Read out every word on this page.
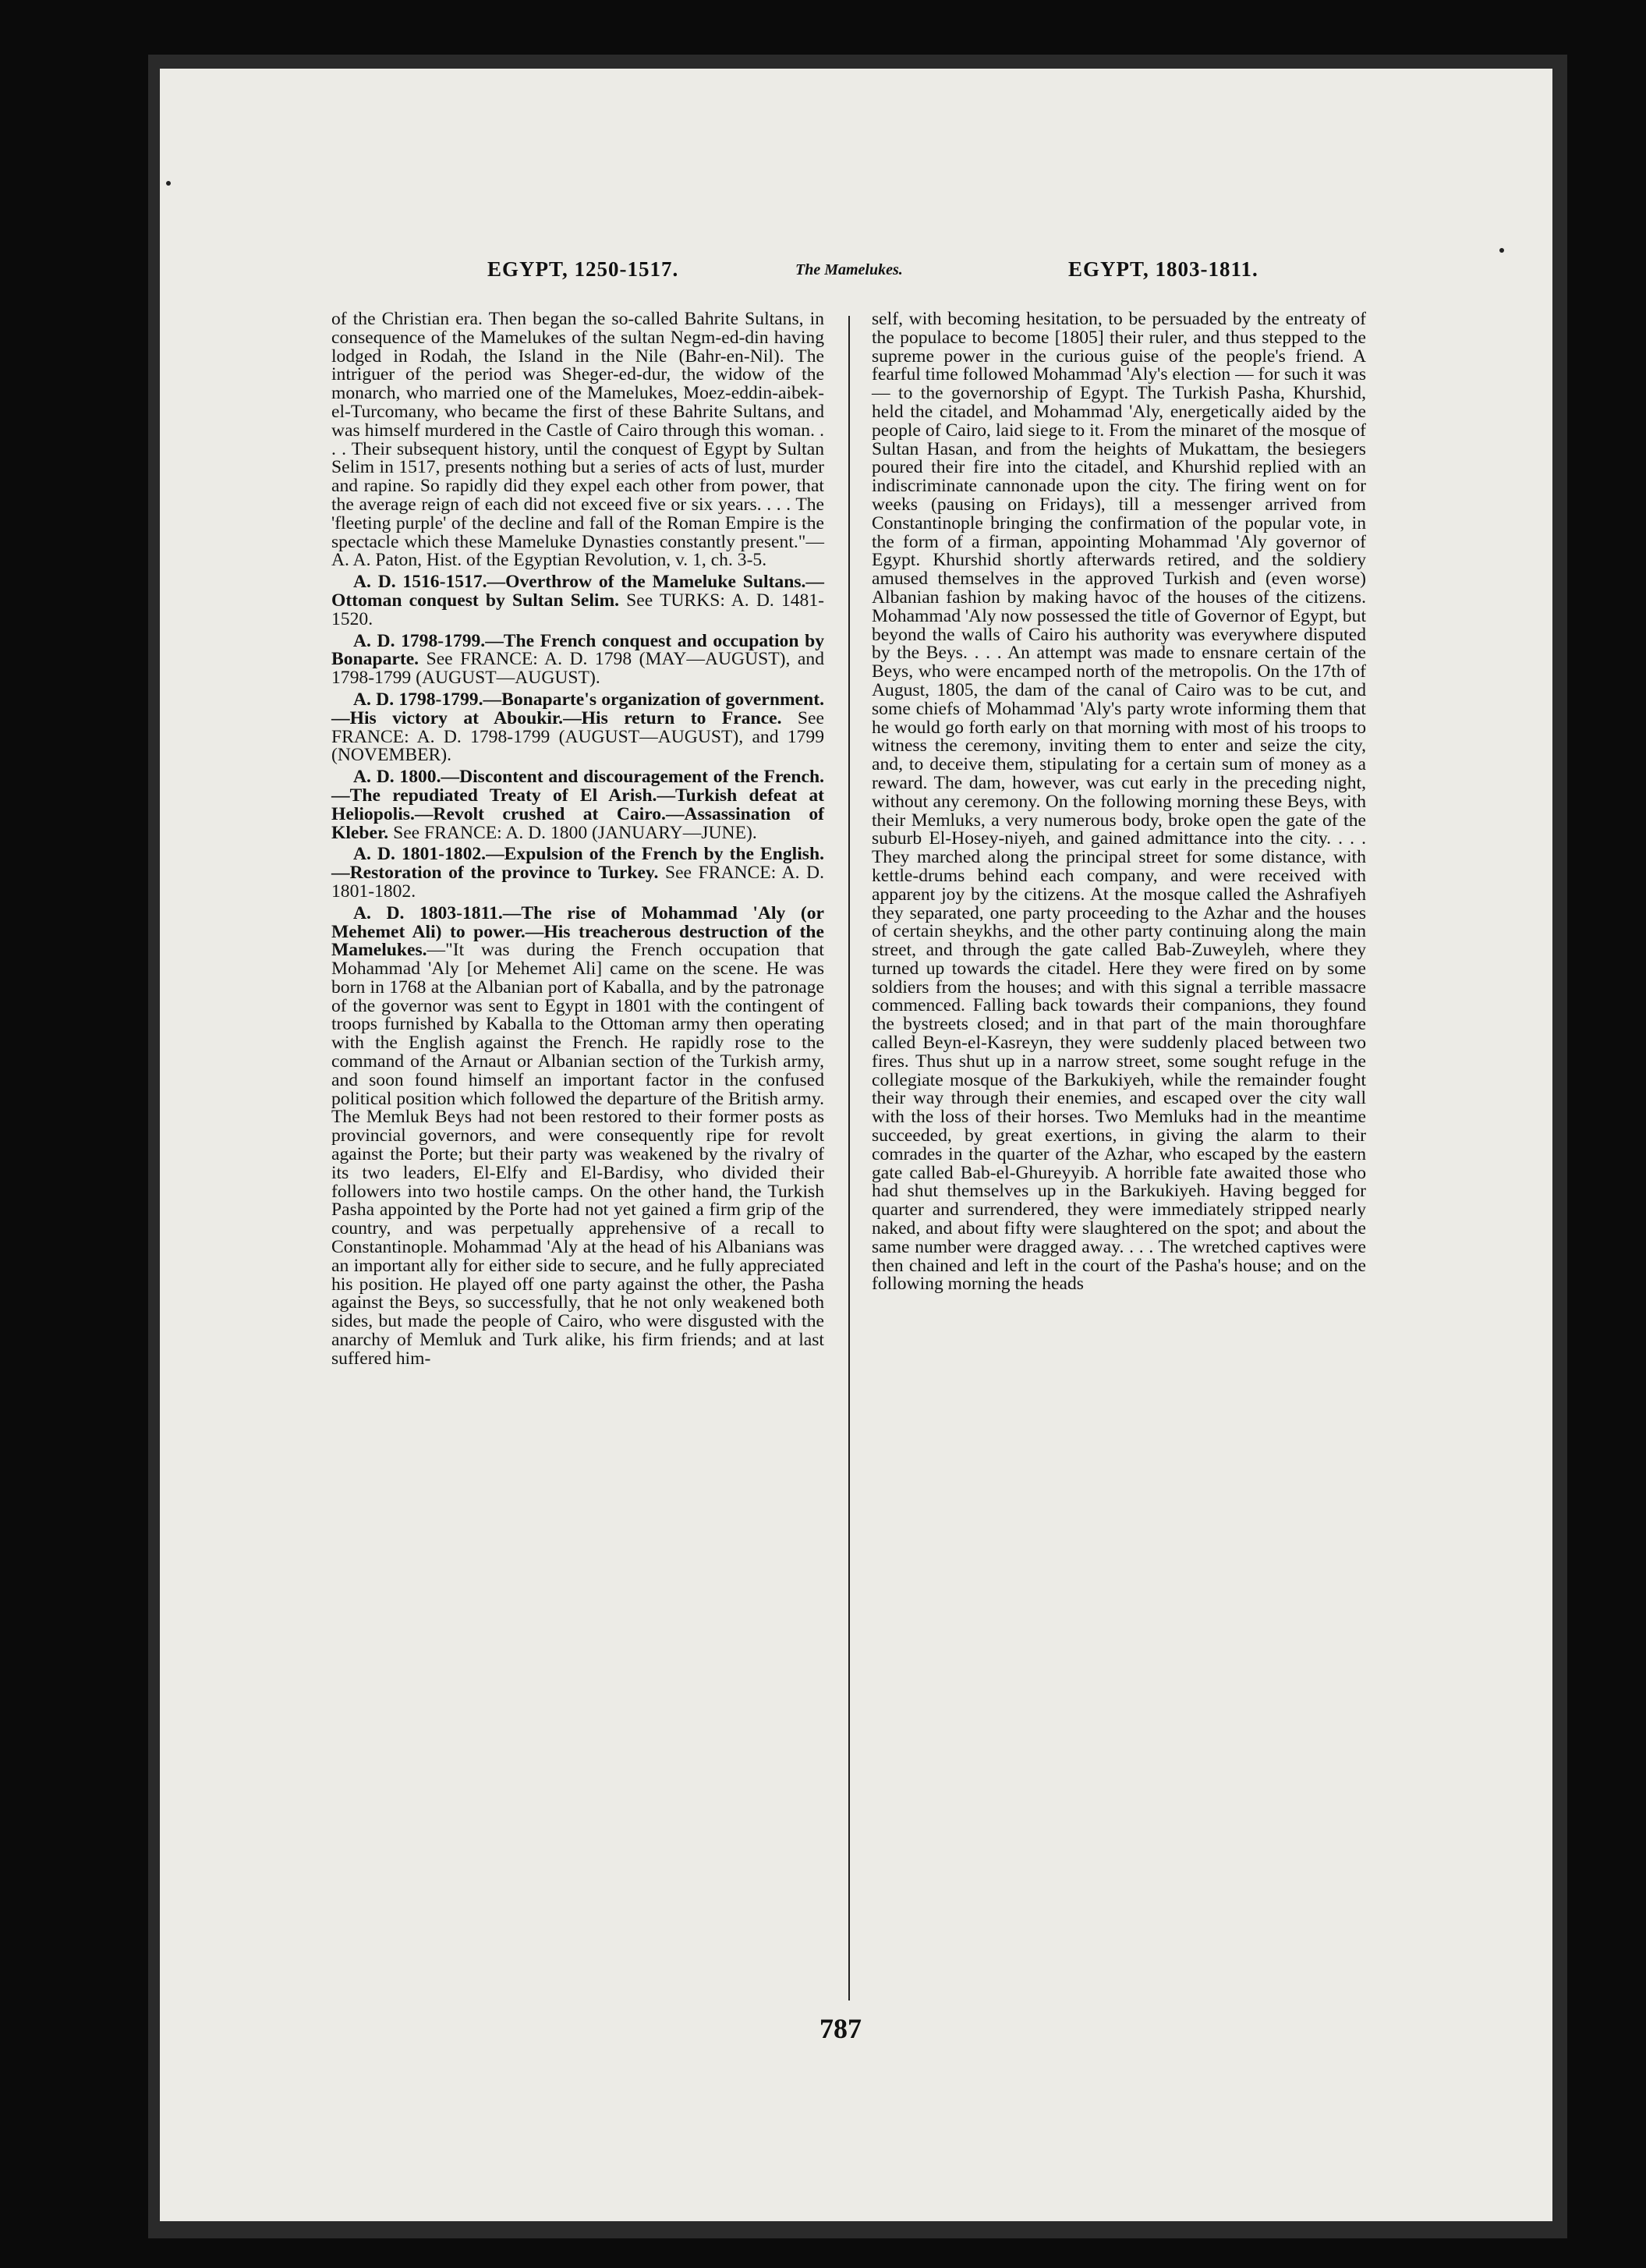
EGYPT, 1250-1517.	The Mamelukes.	EGYPT, 1803-1811.

of the Christian era. Then began the so-called Bahrite Sultans, in consequence of the Mamelukes of the sultan Negm-ed-din having lodged in Rodah, the Island in the Nile (Bahr-en-Nil). The intriguer of the period was Sheger-ed-dur, the widow of the monarch, who married one of the Mamelukes, Moez-eddin-aibek-el-Turcomany, who became the first of these Bahrite Sultans, and was himself murdered in the Castle of Cairo through this woman. . . . Their subsequent history, until the conquest of Egypt by Sultan Selim in 1517, presents nothing but a series of acts of lust, murder and rapine. So rapidly did they expel each other from power, that the average reign of each did not exceed five or six years. . . . The 'fleeting purple' of the decline and fall of the Roman Empire is the spectacle which these Mameluke Dynasties constantly present."—A. A. Paton, Hist. of the Egyptian Revolution, v. 1, ch. 3-5.

A. D. 1516-1517.—Overthrow of the Mameluke Sultans.—Ottoman conquest by Sultan Selim. See TURKS: A. D. 1481-1520.

A. D. 1798-1799.—The French conquest and occupation by Bonaparte. See FRANCE: A. D. 1798 (MAY—AUGUST), and 1798-1799 (AUGUST—AUGUST).

A. D. 1798-1799.—Bonaparte's organization of government.—His victory at Aboukir.—His return to France. See FRANCE: A. D. 1798-1799 (AUGUST—AUGUST), and 1799 (NOVEMBER).

A. D. 1800.—Discontent and discouragement of the French.—The repudiated Treaty of El Arish.—Turkish defeat at Heliopolis.—Revolt crushed at Cairo.—Assassination of Kleber. See FRANCE: A. D. 1800 (JANUARY—JUNE).

A. D. 1801-1802.—Expulsion of the French by the English.—Restoration of the province to Turkey. See FRANCE: A. D. 1801-1802.

A. D. 1803-1811.—The rise of Mohammad 'Aly (or Mehemet Ali) to power.—His treacherous destruction of the Mamelukes.—"It was during the French occupation that Mohammad 'Aly [or Mehemet Ali] came on the scene. He was born in 1768 at the Albanian port of Kaballa, and by the patronage of the governor was sent to Egypt in 1801 with the contingent of troops furnished by Kaballa to the Ottoman army then operating with the English against the French. He rapidly rose to the command of the Arnaut or Albanian section of the Turkish army, and soon found himself an important factor in the confused political position which followed the departure of the British army. The Memluk Beys had not been restored to their former posts as provincial governors, and were consequently ripe for revolt against the Porte; but their party was weakened by the rivalry of its two leaders, El-Elfy and El-Bardisy, who divided their followers into two hostile camps. On the other hand, the Turkish Pasha appointed by the Porte had not yet gained a firm grip of the country, and was perpetually apprehensive of a recall to Constantinople. Mohammad 'Aly at the head of his Albanians was an important ally for either side to secure, and he fully appreciated his position. He played off one party against the other, the Pasha against the Beys, so successfully, that he not only weakened both sides, but made the people of Cairo, who were disgusted with the anarchy of Memluk and Turk alike, his firm friends; and at last suffered him-

self, with becoming hesitation, to be persuaded by the entreaty of the populace to become [1805] their ruler, and thus stepped to the supreme power in the curious guise of the people's friend. A fearful time followed Mohammad 'Aly's election — for such it was — to the governorship of Egypt. The Turkish Pasha, Khurshid, held the citadel, and Mohammad 'Aly, energetically aided by the people of Cairo, laid siege to it. From the minaret of the mosque of Sultan Hasan, and from the heights of Mukattam, the besiegers poured their fire into the citadel, and Khurshid replied with an indiscriminate cannonade upon the city. The firing went on for weeks (pausing on Fridays), till a messenger arrived from Constantinople bringing the confirmation of the popular vote, in the form of a firman, appointing Mohammad 'Aly governor of Egypt. Khurshid shortly afterwards retired, and the soldiery amused themselves in the approved Turkish and (even worse) Albanian fashion by making havoc of the houses of the citizens. Mohammad 'Aly now possessed the title of Governor of Egypt, but beyond the walls of Cairo his authority was everywhere disputed by the Beys. . . . An attempt was made to ensnare certain of the Beys, who were encamped north of the metropolis. On the 17th of August, 1805, the dam of the canal of Cairo was to be cut, and some chiefs of Mohammad 'Aly's party wrote informing them that he would go forth early on that morning with most of his troops to witness the ceremony, inviting them to enter and seize the city, and, to deceive them, stipulating for a certain sum of money as a reward. The dam, however, was cut early in the preceding night, without any ceremony. On the following morning these Beys, with their Memluks, a very numerous body, broke open the gate of the suburb El-Hosey-niyeh, and gained admittance into the city. . . . They marched along the principal street for some distance, with kettle-drums behind each company, and were received with apparent joy by the citizens. At the mosque called the Ashrafiyeh they separated, one party proceeding to the Azhar and the houses of certain sheykhs, and the other party continuing along the main street, and through the gate called Bab-Zuweyleh, where they turned up towards the citadel. Here they were fired on by some soldiers from the houses; and with this signal a terrible massacre commenced. Falling back towards their companions, they found the bystreets closed; and in that part of the main thoroughfare called Beyn-el-Kasreyn, they were suddenly placed between two fires. Thus shut up in a narrow street, some sought refuge in the collegiate mosque of the Barkukiyeh, while the remainder fought their way through their enemies, and escaped over the city wall with the loss of their horses. Two Memluks had in the meantime succeeded, by great exertions, in giving the alarm to their comrades in the quarter of the Azhar, who escaped by the eastern gate called Bab-el-Ghureyyib. A horrible fate awaited those who had shut themselves up in the Barkukiyeh. Having begged for quarter and surrendered, they were immediately stripped nearly naked, and about fifty were slaughtered on the spot; and about the same number were dragged away. . . . The wretched captives were then chained and left in the court of the Pasha's house; and on the following morning the heads

787
